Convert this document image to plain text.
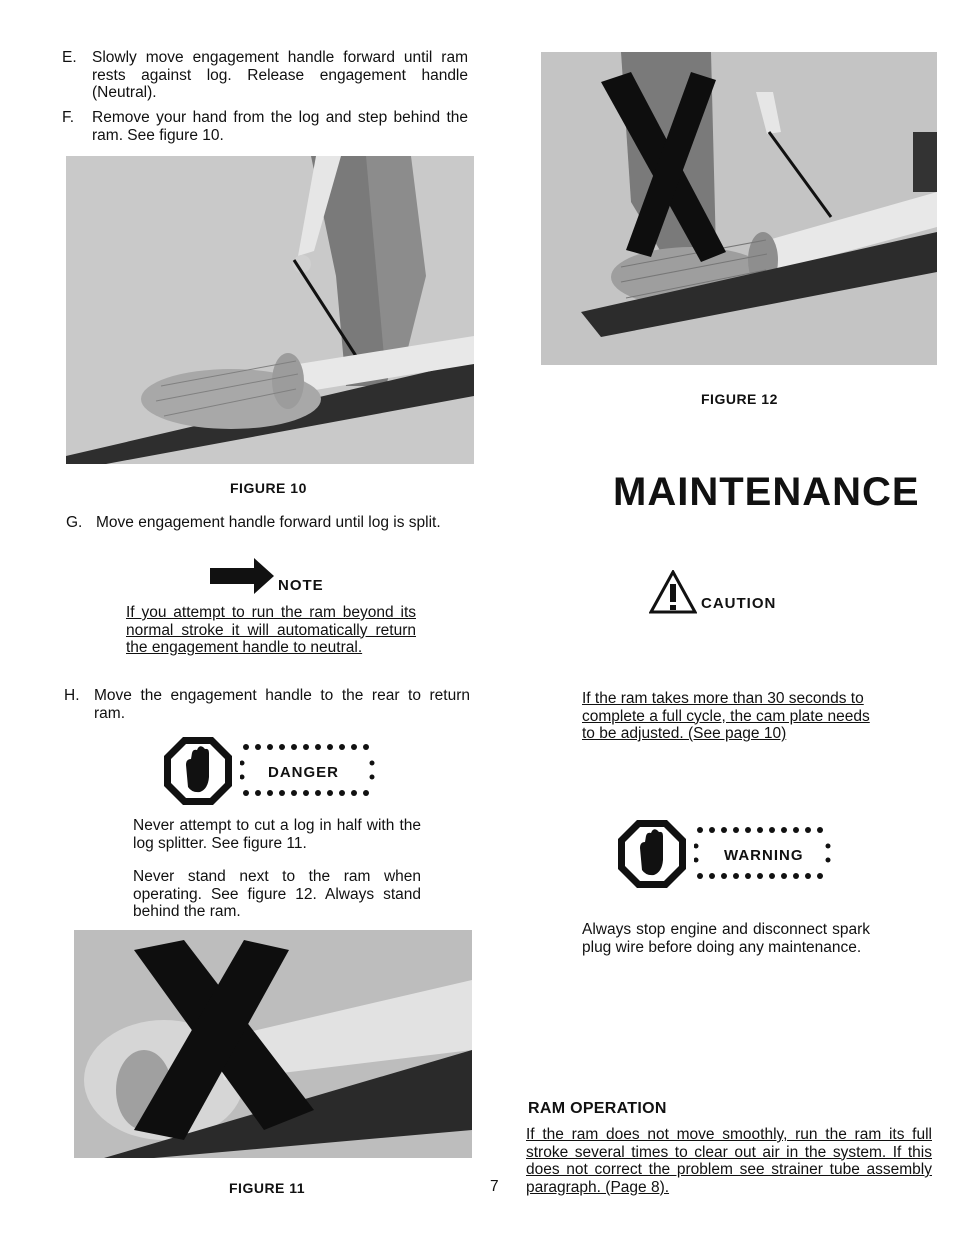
E. Slowly move engagement handle forward until ram rests against log. Release engagement handle (Neutral).
F. Remove your hand from the log and step behind the ram. See figure 10.
FIGURE 10
G. Move engagement handle forward until log is split.
NOTE
If you attempt to run the ram beyond its normal stroke it will automatically return the engagement handle to neutral.
H. Move the engagement handle to the rear to return ram.
DANGER
Never attempt to cut a log in half with the log splitter. See figure 11.
Never stand next to the ram when operating. See figure 12. Always stand behind the ram.
FIGURE 11	7
FIGURE 12
MAINTENANCE
CAUTION
If the ram takes more than 30 seconds to complete a full cycle, the cam plate needs to be adjusted. (See page 10)
WARNING
Always stop engine and disconnect spark plug wire before doing any maintenance.
RAM OPERATION
If the ram does not move smoothly, run the ram its full stroke several times to clear out air in the system. If this does not correct the problem see strainer tube assembly paragraph. (Page 8).
